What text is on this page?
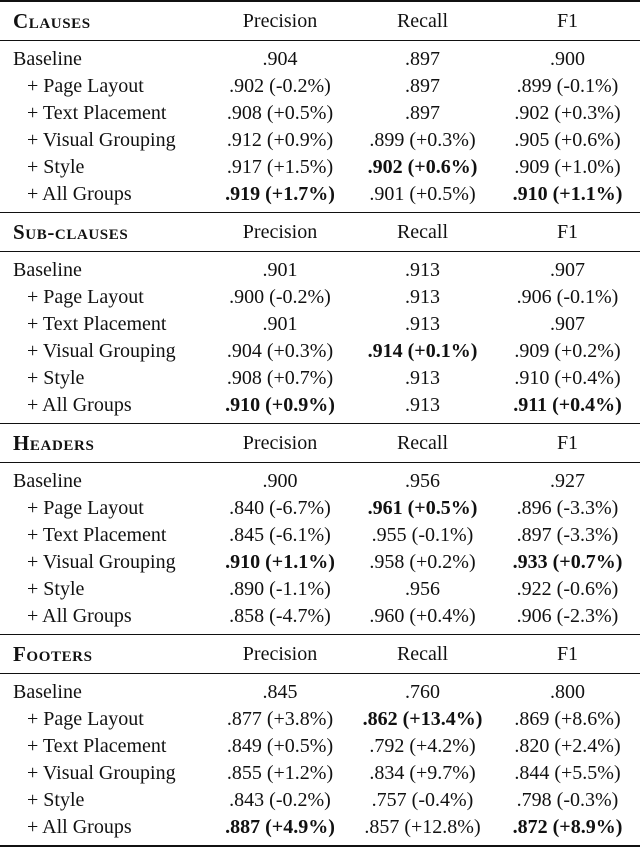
Clauses	Precision	Recall	F1
Baseline	.904	.897	.900
+ Page Layout	.902 (-0.2%)	.897	.899 (-0.1%)
+ Text Placement	.908 (+0.5%)	.897	.902 (+0.3%)
+ Visual Grouping	.912 (+0.9%)	.899 (+0.3%)	.905 (+0.6%)
+ Style	.917 (+1.5%)	.902 (+0.6%)	.909 (+1.0%)
+ All Groups	.919 (+1.7%)	.901 (+0.5%)	.910 (+1.1%)
Sub-clauses	Precision	Recall	F1
Baseline	.901	.913	.907
+ Page Layout	.900 (-0.2%)	.913	.906 (-0.1%)
+ Text Placement	.901	.913	.907
+ Visual Grouping	.904 (+0.3%)	.914 (+0.1%)	.909 (+0.2%)
+ Style	.908 (+0.7%)	.913	.910 (+0.4%)
+ All Groups	.910 (+0.9%)	.913	.911 (+0.4%)
Headers	Precision	Recall	F1
Baseline	.900	.956	.927
+ Page Layout	.840 (-6.7%)	.961 (+0.5%)	.896 (-3.3%)
+ Text Placement	.845 (-6.1%)	.955 (-0.1%)	.897 (-3.3%)
+ Visual Grouping	.910 (+1.1%)	.958 (+0.2%)	.933 (+0.7%)
+ Style	.890 (-1.1%)	.956	.922 (-0.6%)
+ All Groups	.858 (-4.7%)	.960 (+0.4%)	.906 (-2.3%)
Footers	Precision	Recall	F1
Baseline	.845	.760	.800
+ Page Layout	.877 (+3.8%)	.862 (+13.4%)	.869 (+8.6%)
+ Text Placement	.849 (+0.5%)	.792 (+4.2%)	.820 (+2.4%)
+ Visual Grouping	.855 (+1.2%)	.834 (+9.7%)	.844 (+5.5%)
+ Style	.843 (-0.2%)	.757 (-0.4%)	.798 (-0.3%)
+ All Groups	.887 (+4.9%)	.857 (+12.8%)	.872 (+8.9%)
